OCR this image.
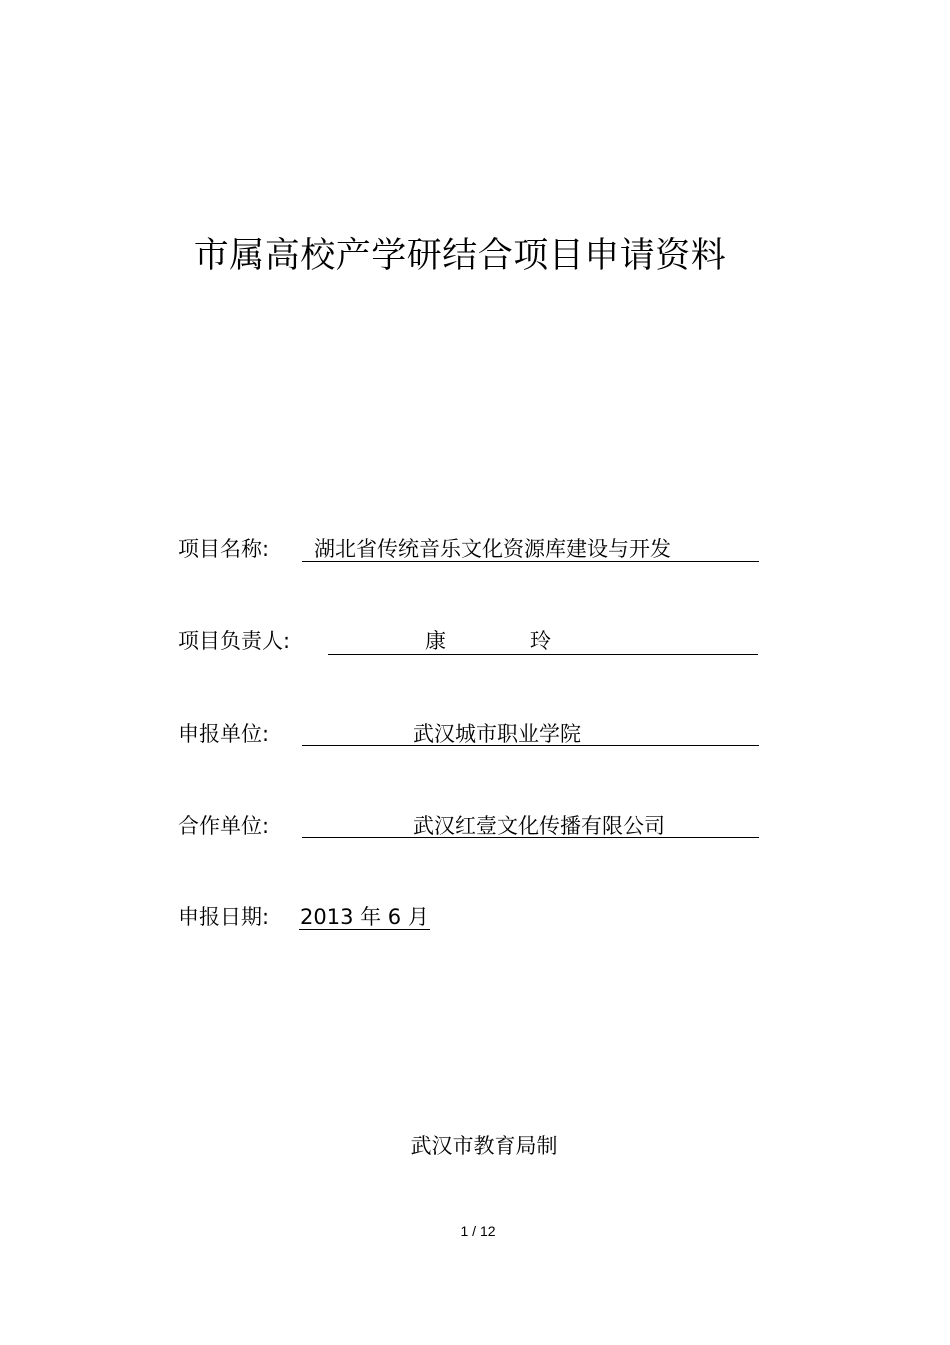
市属高校产学研结合项目申请资料
项目名称: 湖北省传统音乐文化资源库建设与开发
项目负责人:	康玲
申报单位:	武汉城市职业学院
合作单位:	武汉红壹文化传播有限公司
申报日期: 2013 年 6 月
武汉市教育局制
1 / 12
